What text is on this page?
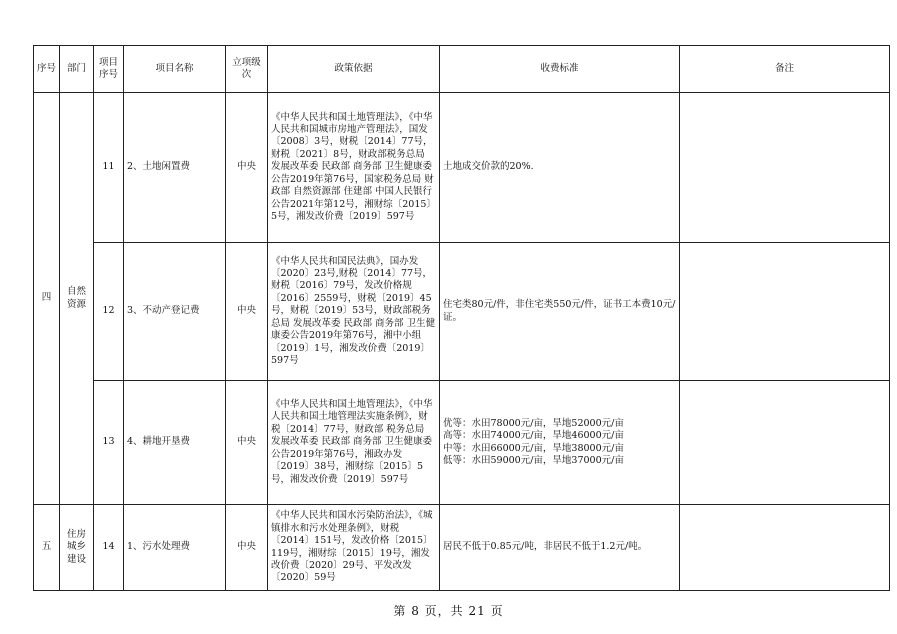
序号	部门	项目序号	项目名称	立项级次	政策依据	收费标准	备注
四	自然资源	11	2、土地闲置费	中央	《中华人民共和国土地管理法》，《中华人民共和国城市房地产管理法》，国发〔2008〕3号，财税〔2014〕77号，财税〔2021〕8号，财政部税务总局 发展改革委 民政部 商务部 卫生健康委公告2019年第76号，国家税务总局 财政部 自然资源部 住建部 中国人民银行公告2021年第12号，湘财综〔2015〕5号，湘发改价费〔2019〕597号	土地成交价款的20%.	
		12	3、不动产登记费	中央	《中华人民共和国民法典》，国办发〔2020〕23号,财税〔2014〕77号，财税〔2016〕79号，发改价格规〔2016〕2559号，财税〔2019〕45号，财税〔2019〕53号，财政部税务总局 发展改革委 民政部 商务部 卫生健康委公告2019年第76号，湘中小组〔2019〕1号，湘发改价费〔2019〕597号	住宅类80元/件，非住宅类550元/件，证书工本费10元/证。	
		13	4、耕地开垦费	中央	《中华人民共和国土地管理法》，《中华人民共和国土地管理法实施条例》，财税〔2014〕77号，财政部 税务总局 发展改革委 民政部 商务部 卫生健康委公告2019年第76号，湘政办发〔2019〕38号，湘财综〔2015〕5号，湘发改价费〔2019〕597号	优等：水田78000元/亩，旱地52000元/亩
高等：水田74000元/亩，旱地46000元/亩
中等：水田66000元/亩，旱地38000元/亩
低等：水田59000元/亩，旱地37000元/亩	
五	住房城乡建设	14	1、污水处理费	中央	《中华人民共和国水污染防治法》，《城镇排水和污水处理条例》，财税〔2014〕151号，发改价格〔2015〕119号，湘财综〔2015〕19号，湘发改价费〔2020〕29号、平发改发〔2020〕59号	居民不低于0.85元/吨，非居民不低于1.2元/吨。	
第 8 页，共 21 页
